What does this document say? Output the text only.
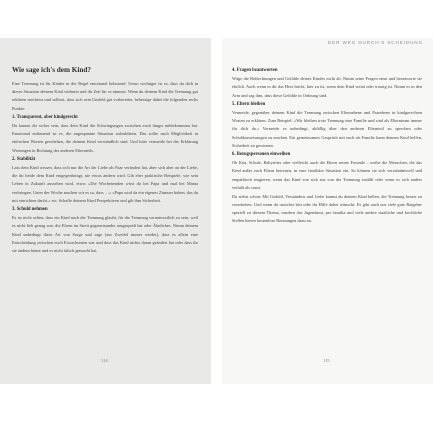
DER WEG DURCH'S SCHEIDUNG
Wie sage ich's dem Kind?

Eine Trennung ist für Kinder in der Regel emotional belastend. Umso wichtiger ist es, dass du dich in dieser Situation deinem Kind widmest und dir Zeit für es nimmst. Wenn du deinem Kind die Trennung gut erklären möchtest und solltest, dass sich sein Umfeld gut vorbereitet, beherzige dabei die folgenden sechs Punkte:

1. Transparent, aber kindgerecht

Du kannst dir sicher sein, dass dein Kind die Schwingungen zwischen euch längst mitbekommen hat. Emotional entlastend ist es, die angespannte Situation aufzuklären. Das sollte nach Möglichkeit in einfachen Worten geschehen, die deinem Kind verständlich sind. Und bitte vermeide bei der Erklärung Wertungen in Richtung des anderen Elternteils.

2. Stabilität

Lass dein Kind wissen, dass sich nur die Art der Liebe als Paar verändert hat, aber sich aber an der Liebe, die ihr beide dem Kind entgegenbringt, nie etwas ändern wird. Gib eher praktische Beispiele, wie sein Leben in Zukunft aussehen wird, etwa: »Die Wochenenden wirst du bei Papa und mal bei Mama verbringen. Unter der Woche machen wir es so, dass …« »Papa wird da ein eigenes Zimmer haben, das du mit einrichten darfst.« etc. Schaffe deinem Kind Perspektiven und gib ihm Sicherheit.

3. Schuld nehmen

Es ist nicht selten, dass ein Kind nach der Trennung glaubt, für die Trennung verantwortlich zu sein, weil es nicht lieb genug war, die Eltern im Streit gegeneinander ausgespielt hat oder Ähnliches. Nimm deinem Kind unbedingt diese Art von Sorge und sage (zur Zweifel immer wieder), dass es allein eine Entscheidung zwischen euch Erwachsenen war und dass das Kind nichts daran geändert hat oder dass ihr sie ändern könnt und es nicht falsch gemacht hat.

4. Fragen beantworten

Wäge die Befürchtungen und Gefühle deines Kindes nicht ab. Nimm seine Fragen ernst und beantworte sie ehrlich. Auch wenn es dir das Herz bricht, hier zu ist, wenn dein Kind weint oder traurig ist. Nimm es in den Arm und sag ihm, dass diese Gefühle in Ordnung sind.

5. Eltern bleiben

Vermeide, gegenüber deinem Kind die Trennung zwischen Elternebene und Paarebene in kindgerechten Worten zu erklären. Zum Beispiel: »Wir bleiben trotz Trennung eine Familie und sind als Elternteam immer für dich da.« Vermeide es unbedingt, abfällig über den anderen Elternteil zu sprechen oder Schuldzuweisungen zu machen. Ein gemeinsames Gespräch mit euch als Familie kann deinem Kind helfen, Sicherheit zu gewinnen.

6. Bezugspersonen einweihen

Ob Kita, Schule, Babysitter oder vielleicht auch die Eltern seiner Freunde – weihe die Menschen, die das Kind außer euch Eltern betreuen, in eure familiäre Situation ein. So können sie sich verständnisvoll und empathisch reagieren, wenn das Kind von sich aus von der Trennung erzählt oder wenn es sich anders verhält als sonst.

Du siehst schon: Mit Geduld, Verständnis und Liebe kannst du deinem Kind helfen, die Trennung besser zu verarbeiten. Und wenn du unsicher bist oder ihr Hilfe dabei wünscht: Es gibt auch nur viele gute Ratgeber speziell zu diesem Thema, sondern das Jugendamt, pro familia und viele andere staatliche und kirchliche Stellen bieten kostenlose Beratungen dazu an.

114	115
